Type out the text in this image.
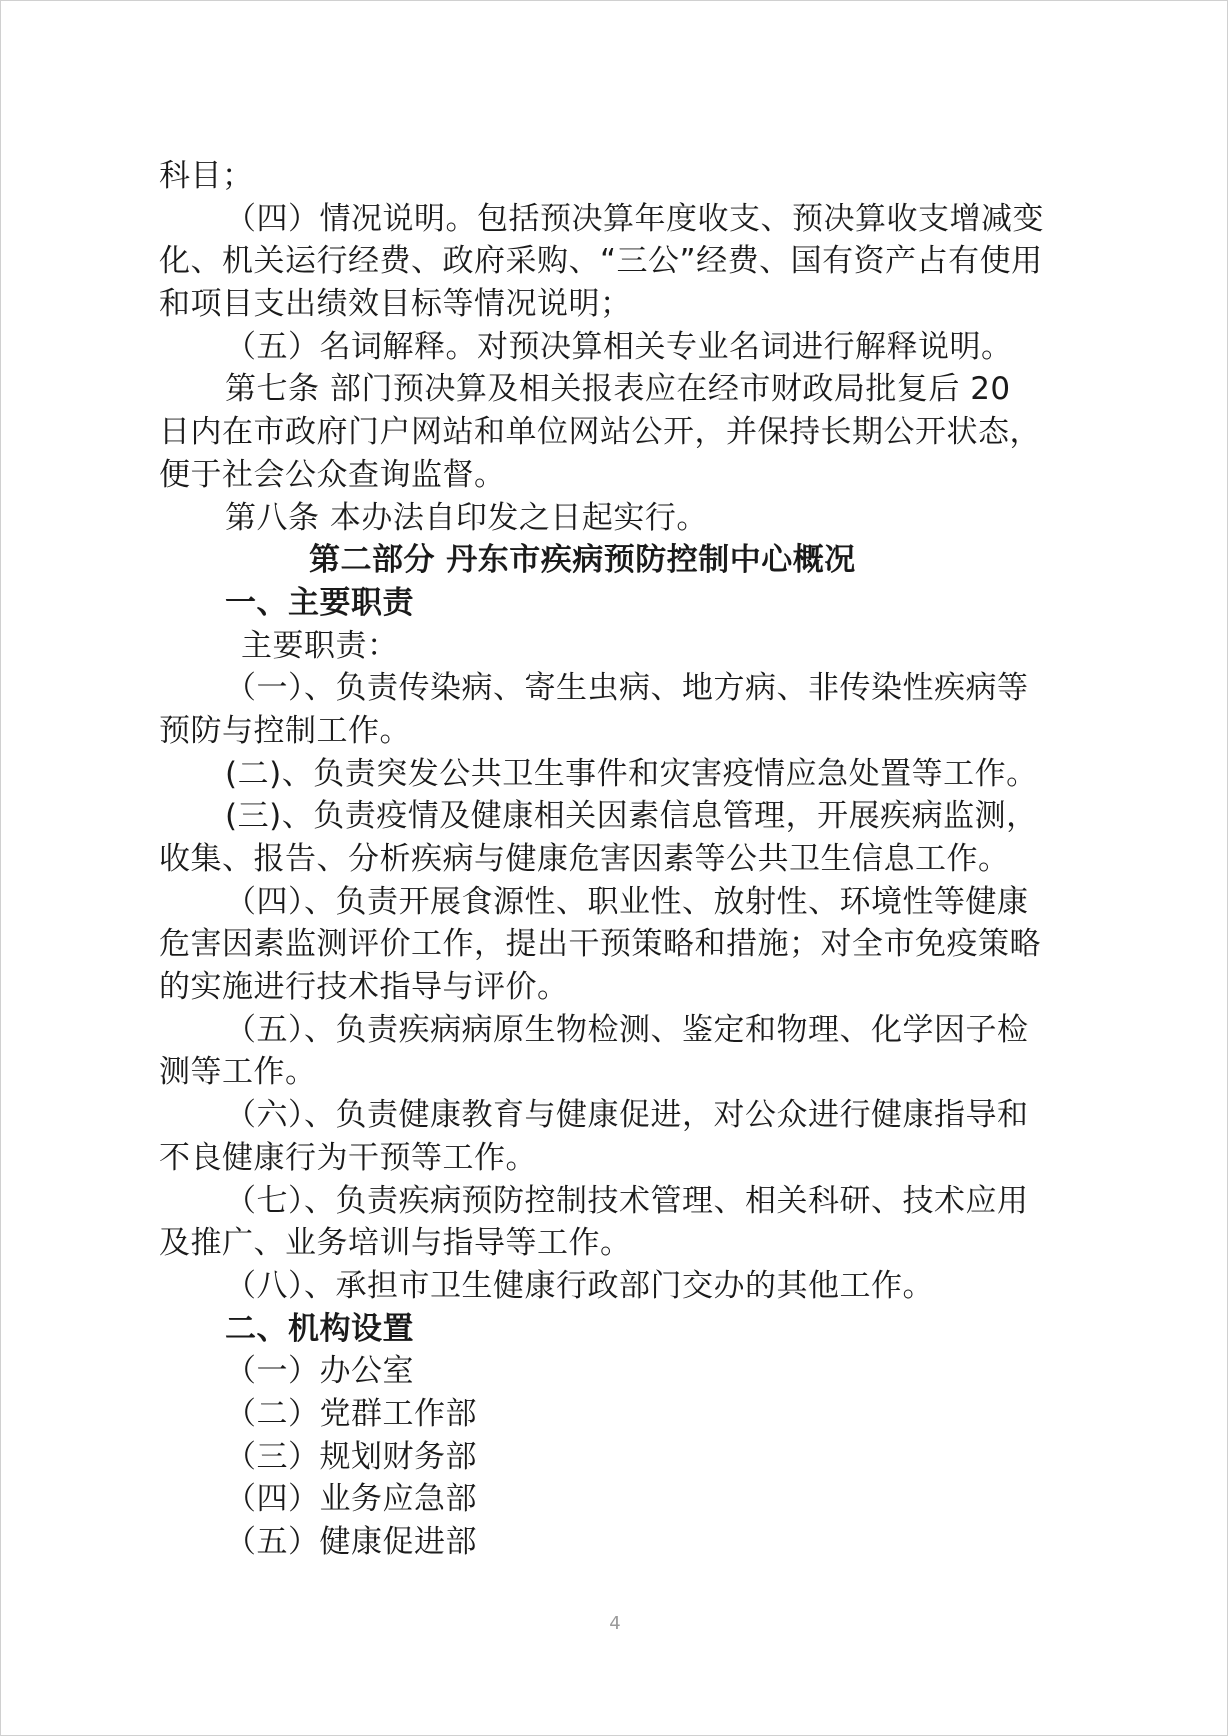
科目；
（四）情况说明。包括预决算年度收支、预决算收支增减变
化、机关运行经费、政府采购、“三公”经费、国有资产占有使用
和项目支出绩效目标等情况说明；
（五）名词解释。对预决算相关专业名词进行解释说明。
第七条 部门预决算及相关报表应在经市财政局批复后 20
日内在市政府门户网站和单位网站公开，并保持长期公开状态，
便于社会公众查询监督。
第八条 本办法自印发之日起实行。
第二部分 丹东市疾病预防控制中心概况
一、主要职责
主要职责：
（一）、负责传染病、寄生虫病、地方病、非传染性疾病等
预防与控制工作。
(二)、负责突发公共卫生事件和灾害疫情应急处置等工作。
(三)、负责疫情及健康相关因素信息管理，开展疾病监测，
收集、报告、分析疾病与健康危害因素等公共卫生信息工作。
（四）、负责开展食源性、职业性、放射性、环境性等健康
危害因素监测评价工作，提出干预策略和措施；对全市免疫策略
的实施进行技术指导与评价。
（五）、负责疾病病原生物检测、鉴定和物理、化学因子检
测等工作。
（六）、负责健康教育与健康促进，对公众进行健康指导和
不良健康行为干预等工作。
（七）、负责疾病预防控制技术管理、相关科研、技术应用
及推广、业务培训与指导等工作。
（八）、承担市卫生健康行政部门交办的其他工作。
二、机构设置
（一）办公室
（二）党群工作部
（三）规划财务部
（四）业务应急部
（五）健康促进部
4
